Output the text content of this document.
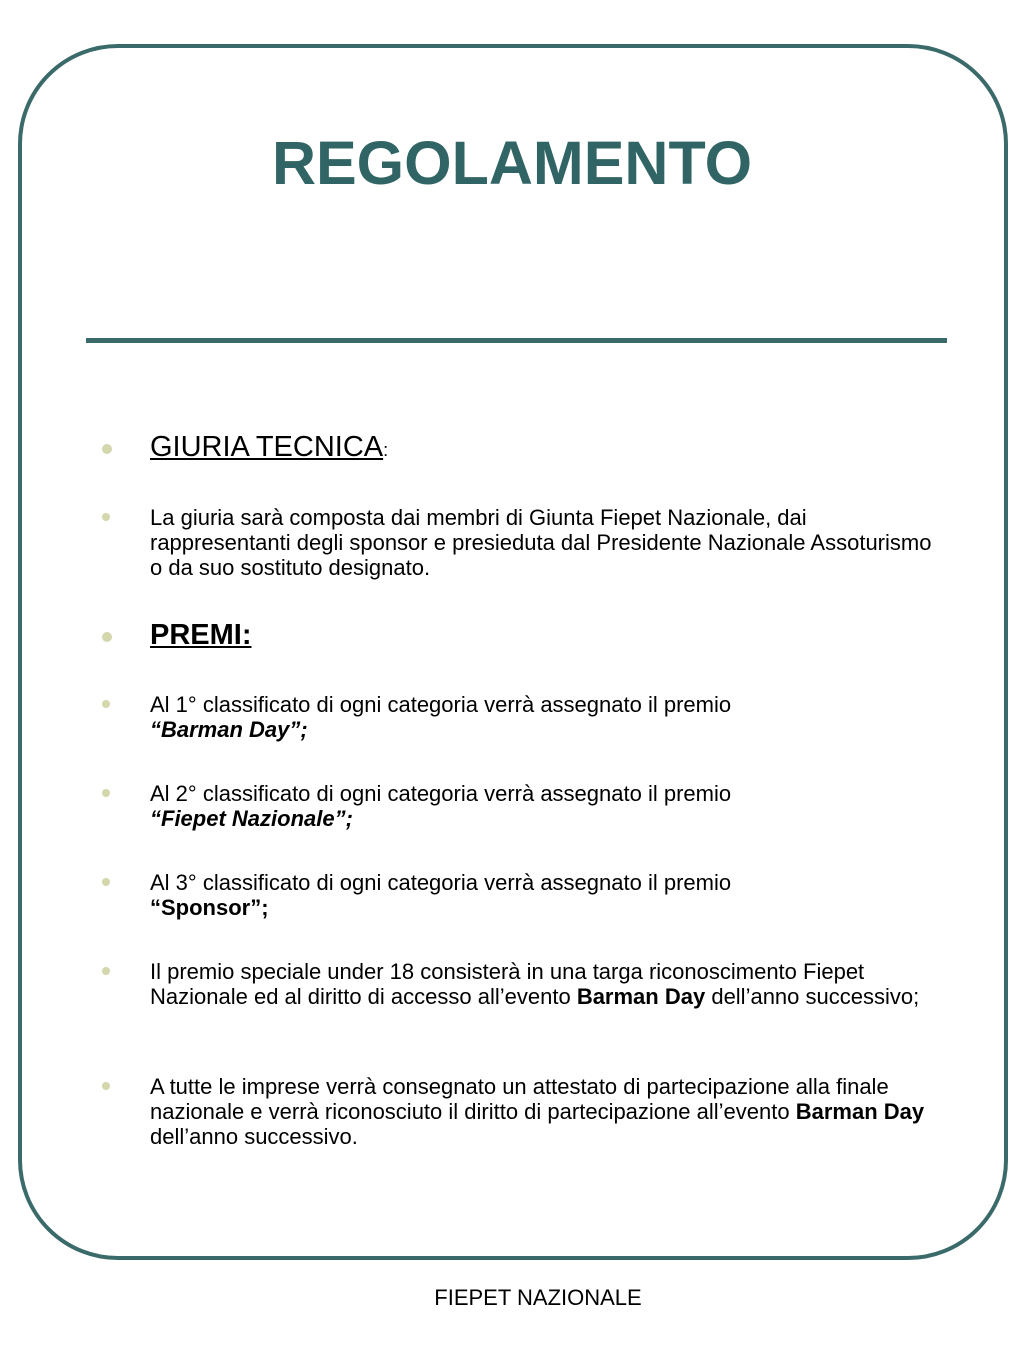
REGOLAMENTO
GIURIA TECNICA:
La giuria sarà composta dai membri di Giunta Fiepet Nazionale, dai rappresentanti degli sponsor e presieduta dal Presidente Nazionale Assoturismo o da suo sostituto designato.
PREMI:
Al 1° classificato di ogni categoria verrà assegnato il premio
“Barman Day”;
Al 2° classificato di ogni categoria verrà assegnato il premio
“Fiepet Nazionale”;
Al 3° classificato di ogni categoria verrà assegnato il premio
“Sponsor”;
Il premio speciale under 18 consisterà in una targa riconoscimento Fiepet Nazionale ed al diritto di accesso all’evento Barman Day dell’anno successivo;
A tutte le imprese verrà consegnato un attestato di partecipazione alla finale nazionale e verrà riconosciuto il diritto di partecipazione all’evento Barman Day dell’anno successivo.
FIEPET NAZIONALE
